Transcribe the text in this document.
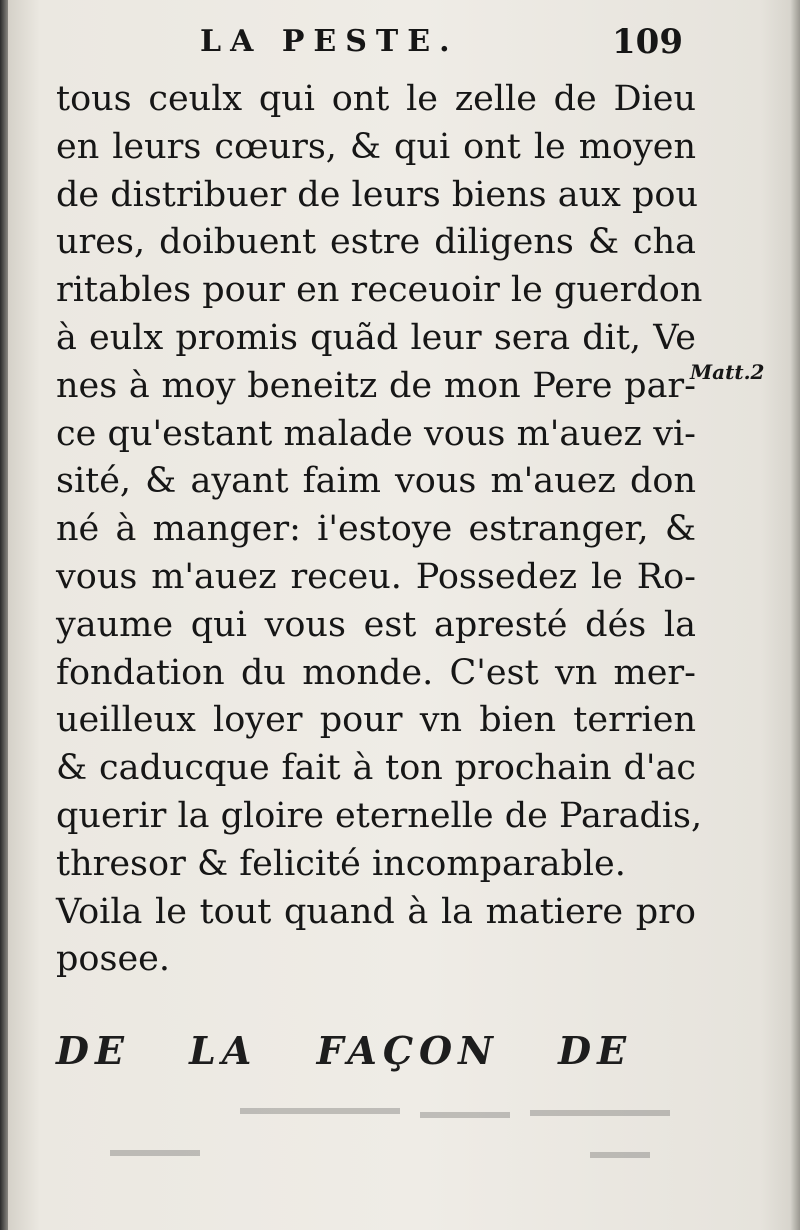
LA PESTE.	109
tous ceulx qui ont le zelle de Dieu
en leurs cœurs, & qui ont le moyen
de distribuer de leurs biens aux pou
ures, doibuent estre diligens & cha
ritables pour en receuoir le guerdon
à eulx promis quãd leur sera dit, Ve
nes à moy beneitz de mon Pere par-
ce qu'estant malade vous m'auez vi-
sité, & ayant faim vous m'auez don
né à manger: i'estoye estranger, &
vous m'auez receu. Possedez le Ro-
yaume qui vous est apresté dés la
fondation du monde. C'est vn mer-
ueilleux loyer pour vn bien terrien
& caducque fait à ton prochain d'ac
querir la gloire eternelle de Paradis,
thresor & felicité incomparable.
Voila le tout quand à la matiere pro
posee.
Matt.2
DE LA FAÇON DE
